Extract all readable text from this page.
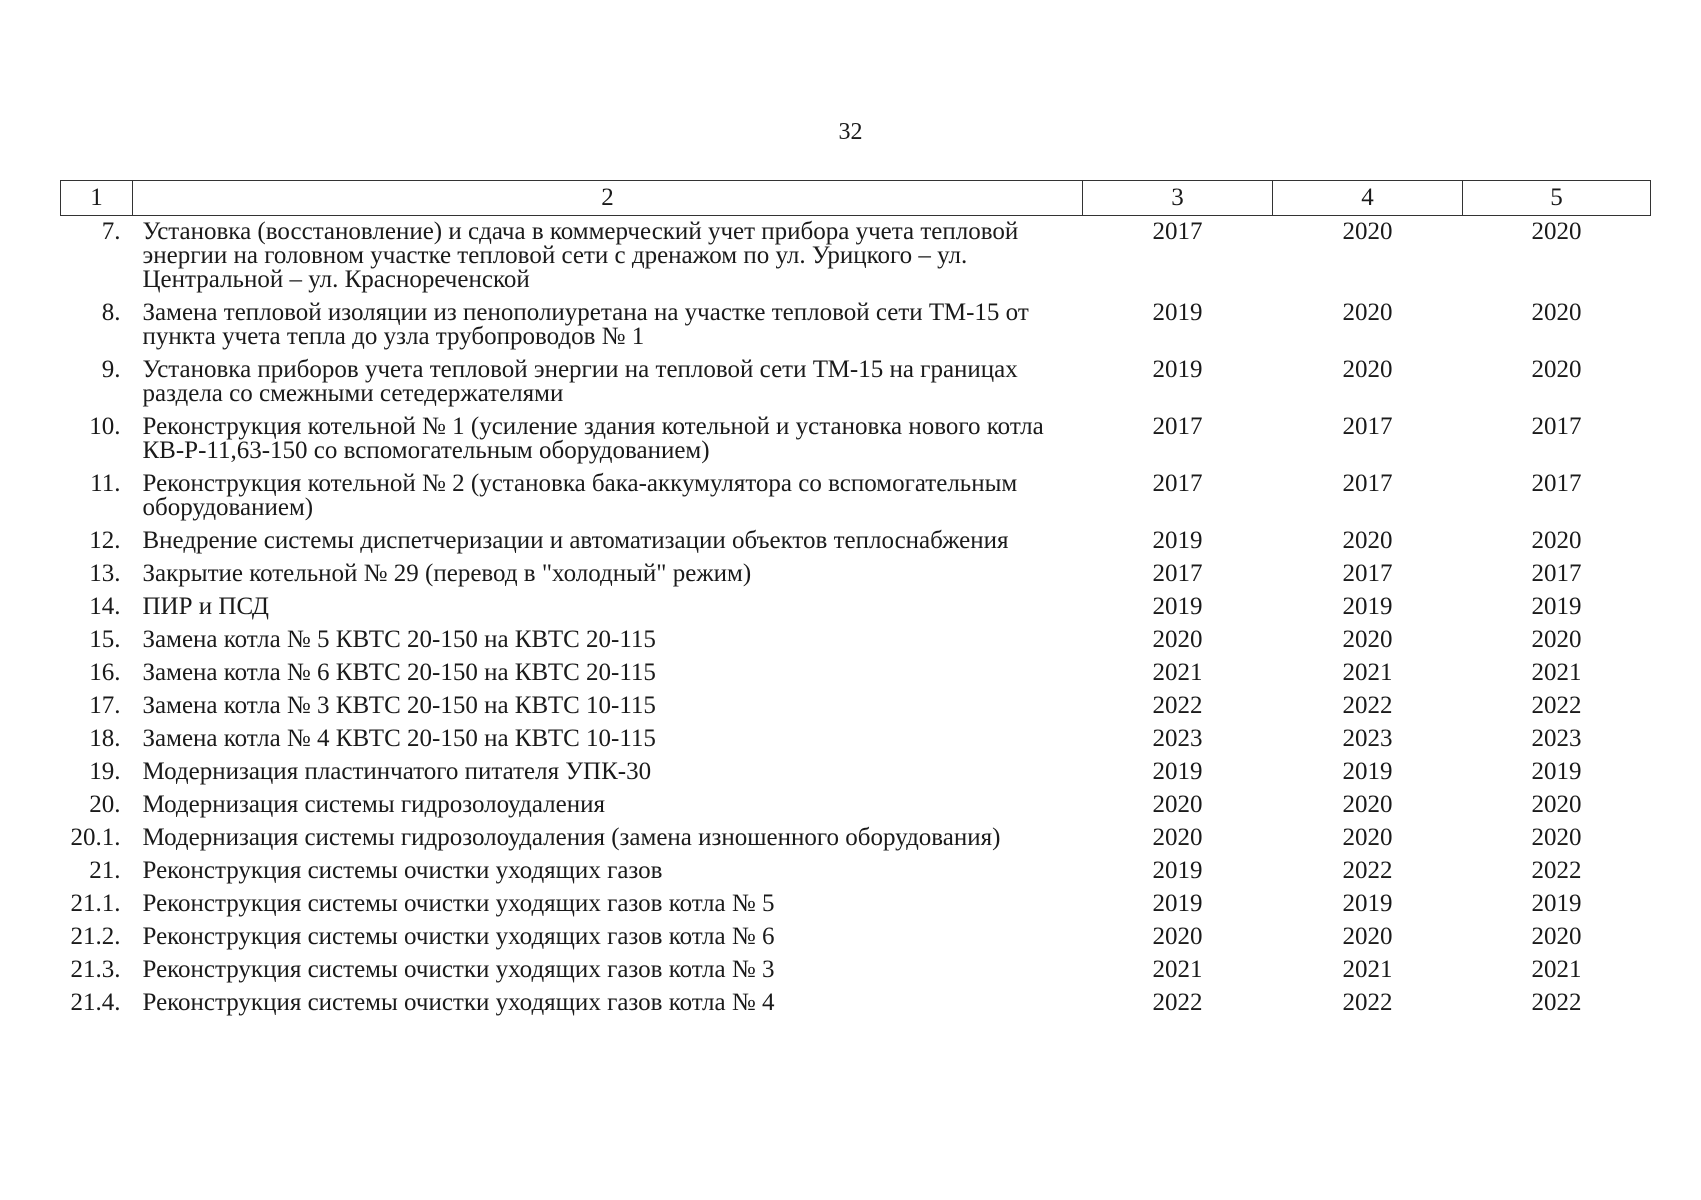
32
1	2	3	4	5
7.	Установка (восстановление) и сдача в коммерческий учет прибора учета тепловой энергии на головном участке тепловой сети с дренажом по ул. Урицкого – ул. Центральной – ул. Краснореченской	2017	2020	2020
8.	Замена тепловой изоляции из пенополиуретана на участке тепловой сети ТМ-15 от пункта учета тепла до узла трубопроводов № 1	2019	2020	2020
9.	Установка приборов учета тепловой энергии на тепловой сети ТМ-15 на границах раздела со смежными сетедержателями	2019	2020	2020
10.	Реконструкция котельной № 1 (усиление здания котельной и установка нового котла КВ-Р-11,63-150 со вспомогательным оборудованием)	2017	2017	2017
11.	Реконструкция котельной № 2 (установка бака-аккумулятора со вспомогательным оборудованием)	2017	2017	2017
12.	Внедрение системы диспетчеризации и автоматизации объектов теплоснабжения	2019	2020	2020
13.	Закрытие котельной № 29 (перевод в "холодный" режим)	2017	2017	2017
14.	ПИР и ПСД	2019	2019	2019
15.	Замена котла № 5 КВТС 20-150 на КВТС 20-115	2020	2020	2020
16.	Замена котла № 6 КВТС 20-150 на КВТС 20-115	2021	2021	2021
17.	Замена котла № 3 КВТС 20-150 на КВТС 10-115	2022	2022	2022
18.	Замена котла № 4 КВТС 20-150 на КВТС 10-115	2023	2023	2023
19.	Модернизация пластинчатого питателя УПК-30	2019	2019	2019
20.	Модернизация системы гидрозолоудаления	2020	2020	2020
20.1.	Модернизация системы гидрозолоудаления (замена изношенного оборудования)	2020	2020	2020
21.	Реконструкция системы очистки уходящих газов	2019	2022	2022
21.1.	Реконструкция системы очистки уходящих газов котла № 5	2019	2019	2019
21.2.	Реконструкция системы очистки уходящих газов котла № 6	2020	2020	2020
21.3.	Реконструкция системы очистки уходящих газов котла № 3	2021	2021	2021
21.4.	Реконструкция системы очистки уходящих газов котла № 4	2022	2022	2022
